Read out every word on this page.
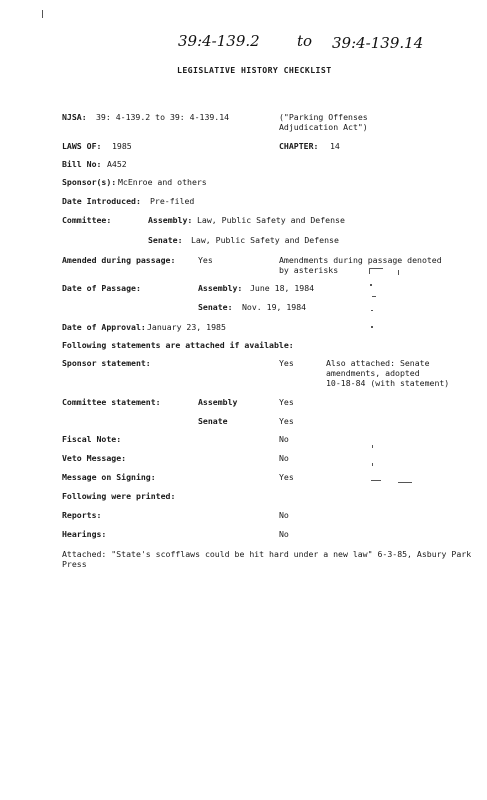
39:4-139.2 to 39:4-139.14
LEGISLATIVE HISTORY CHECKLIST
NJSA: 39: 4-139.2 to 39: 4-139.14	("Parking Offenses
Adjudication Act")
LAWS OF: 1985	CHAPTER: 14
Bill No: A452
Sponsor(s): McEnroe and others
Date Introduced: Pre-filed
Committee:	Assembly: Law, Public Safety and Defense
Senate: Law, Public Safety and Defense
Amended during passage:	Yes	Amendments during passage denoted
by asterisks
Date of Passage:	Assembly: June 18, 1984
Senate: Nov. 19, 1984
Date of Approval: January 23, 1985
Following statements are attached if available:
Sponsor statement:	Yes	Also attached: Senate
amendments, adopted
10-18-84 (with statement)
Committee statement:	Assembly	Yes
Senate	Yes
Fiscal Note:	No
Veto Message:	No
Message on Signing:	Yes
Following were printed:
Reports:	No
Hearings:	No
Attached: "State's scofflaws could be hit hard under a new law" 6-3-85, Asbury Park
Press
